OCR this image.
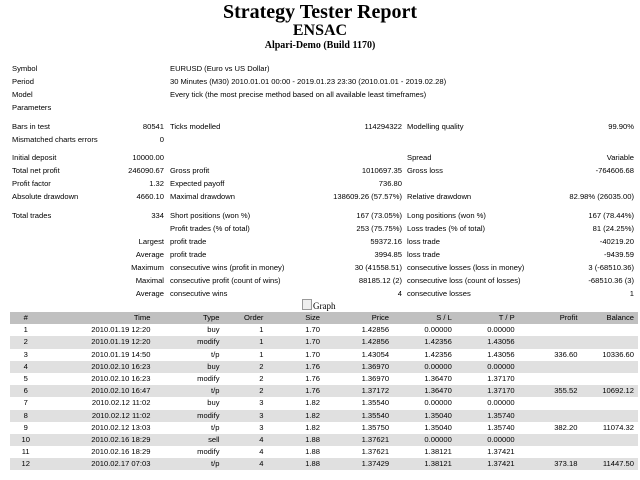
Strategy Tester Report
ENSAC
Alpari-Demo (Build 1170)
Symbol	EURUSD (Euro vs US Dollar)
Period	30 Minutes (M30) 2010.01.01 00:00 - 2019.01.23 23:30 (2010.01.01 - 2019.02.28)
Model	Every tick (the most precise method based on all available least timeframes)
Parameters
Bars in test	80541 Ticks modelled	114294322 Modelling quality	99.90%
Mismatched charts errors	0
Initial deposit	10000.00	Spread	Variable
Total net profit	246090.67 Gross profit	1010697.35 Gross loss	-764606.68
Profit factor	1.32 Expected payoff	736.80
Absolute drawdown	4660.10 Maximal drawdown	138609.26 (57.57%) Relative drawdown	82.98% (26035.00)
Total trades	334 Short positions (won %)	167 (73.05%) Long positions (won %)	167 (78.44%)
Profit trades (% of total)	253 (75.75%) Loss trades (% of total)	81 (24.25%)
Largest profit trade	59372.16 loss trade	-40219.20
Average profit trade	3994.85 loss trade	-9439.59
Maximum consecutive wins (profit in money)	30 (41558.51) consecutive losses (loss in money)	3 (-68510.36)
Maximal consecutive profit (count of wins)	88185.12 (2) consecutive loss (count of losses)	-68510.36 (3)
Average consecutive wins	4 consecutive losses	1
Graph
#	Time	Type	Order	Size	Price	S / L	T / P	Profit	Balance
1	2010.01.19 12:20	buy	1	1.70	1.42856	0.00000	0.00000		
2	2010.01.19 12:20	modify	1	1.70	1.42856	1.42356	1.43056		
3	2010.01.19 14:50	t/p	1	1.70	1.43054	1.42356	1.43056	336.60	10336.60
4	2010.02.10 16:23	buy	2	1.76	1.36970	0.00000	0.00000		
5	2010.02.10 16:23	modify	2	1.76	1.36970	1.36470	1.37170		
6	2010.02.10 16:47	t/p	2	1.76	1.37172	1.36470	1.37170	355.52	10692.12
7	2010.02.12 11:02	buy	3	1.82	1.35540	0.00000	0.00000		
8	2010.02.12 11:02	modify	3	1.82	1.35540	1.35040	1.35740		
9	2010.02.12 13:03	t/p	3	1.82	1.35750	1.35040	1.35740	382.20	11074.32
10	2010.02.16 18:29	sell	4	1.88	1.37621	0.00000	0.00000		
11	2010.02.16 18:29	modify	4	1.88	1.37621	1.38121	1.37421		
12	2010.02.17 07:03	t/p	4	1.88	1.37429	1.38121	1.37421	373.18	11447.50
